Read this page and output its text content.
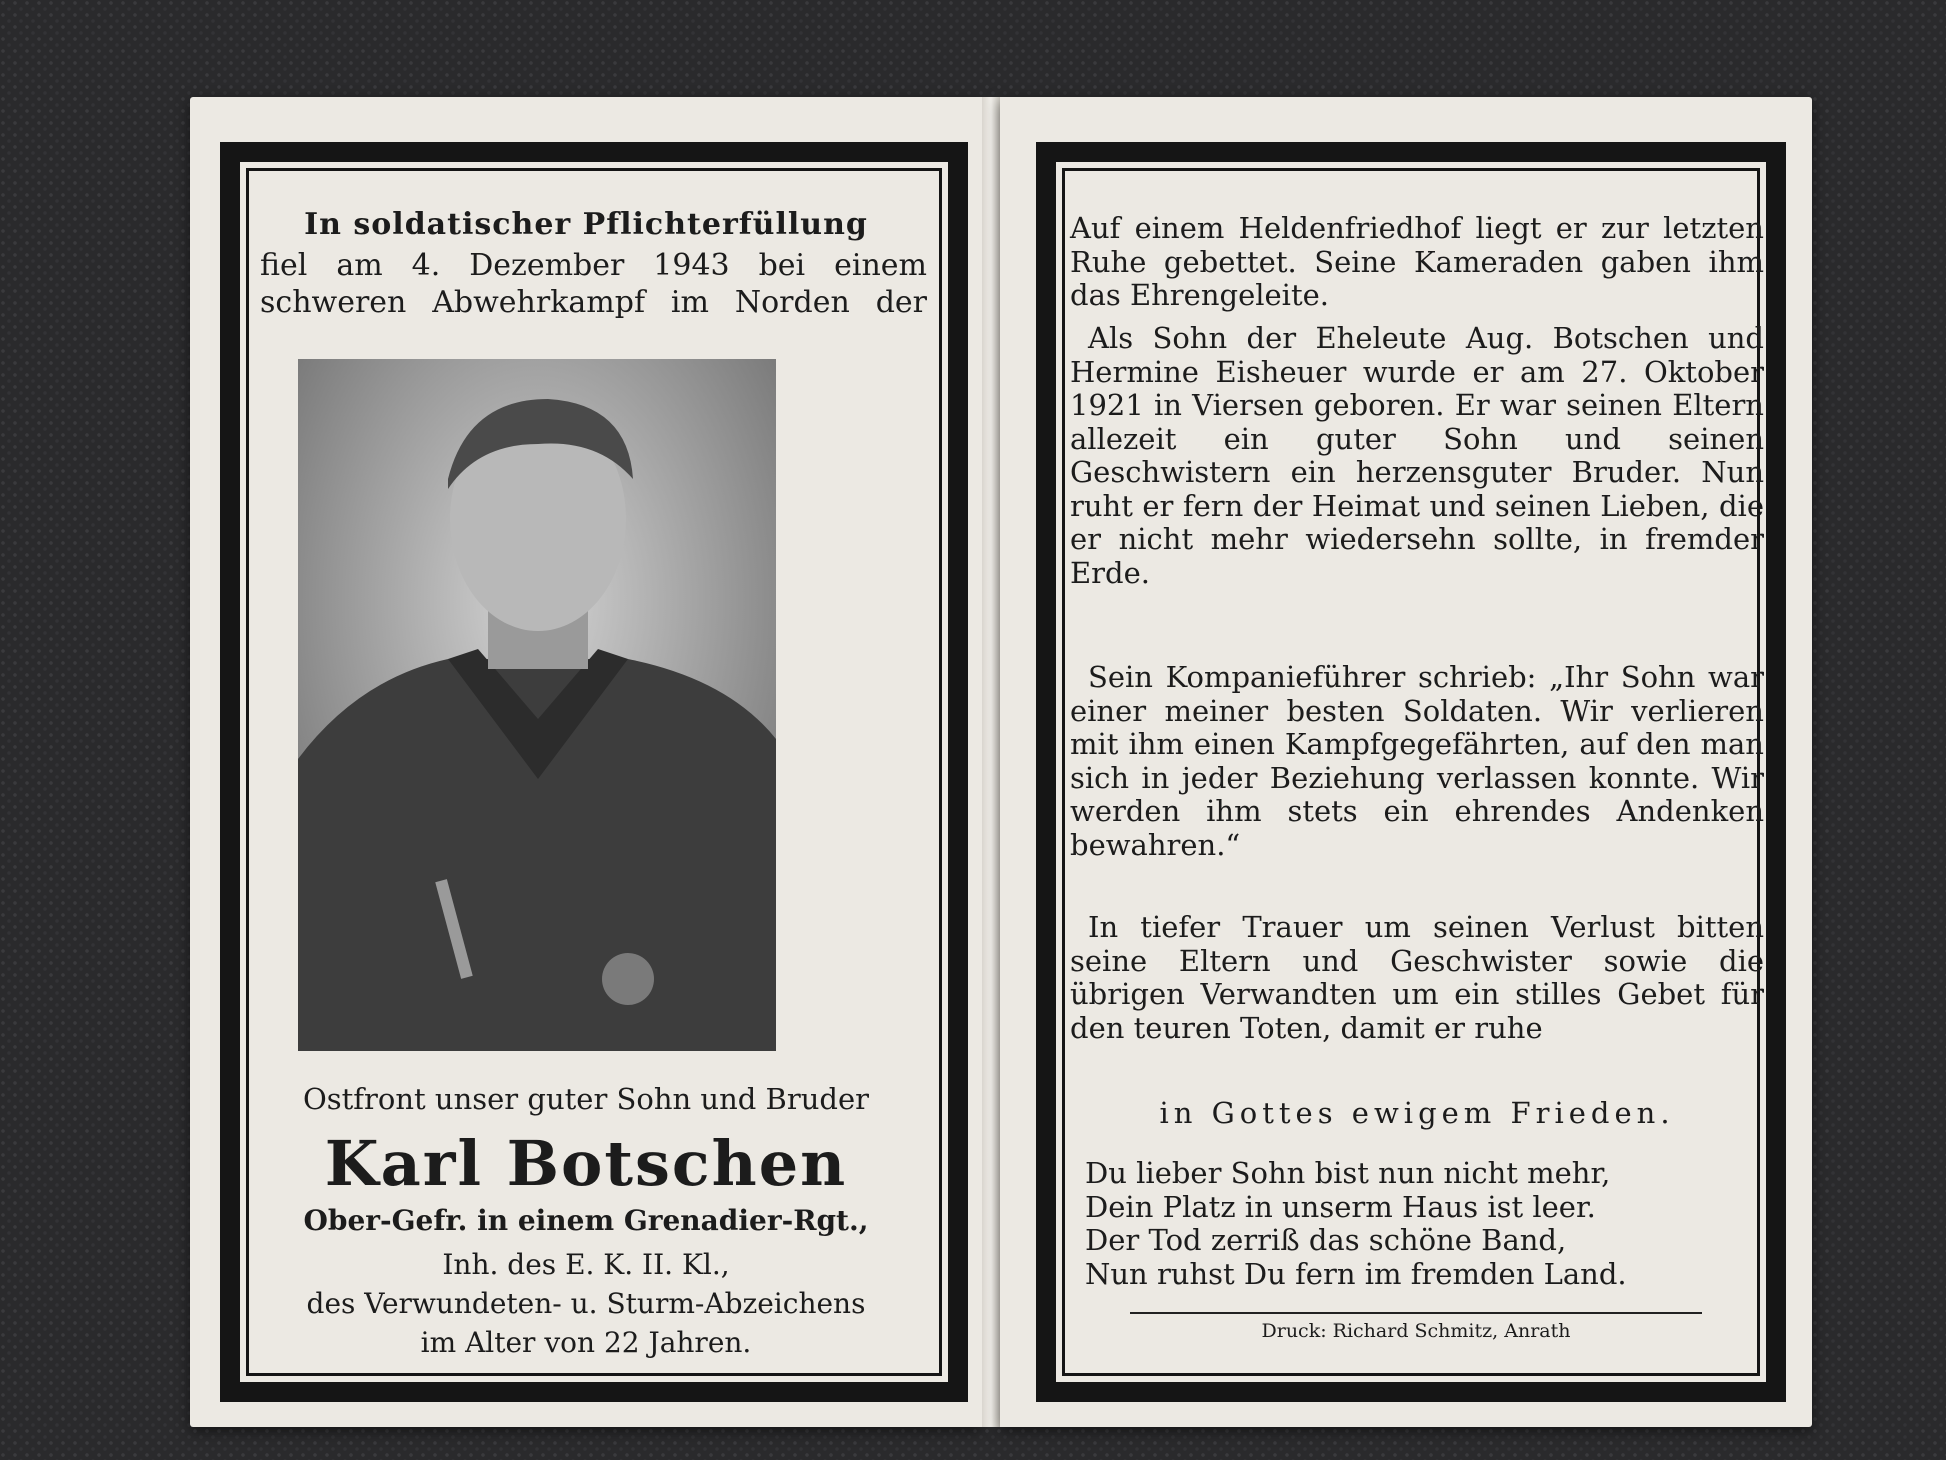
In soldatischer Pflichterfüllung
fiel am 4. Dezember 1943 bei einem
schweren Abwehrkampf im Norden der
Ostfront unser guter Sohn und Bruder
Karl Botschen
Ober-Gefr. in einem Grenadier-Rgt.,
Inh. des E. K. II. Kl.,
des Verwundeten- u. Sturm-Abzeichens
im Alter von 22 Jahren.
Auf einem Heldenfriedhof liegt er zur letzten Ruhe gebettet. Seine Kameraden gaben ihm das Ehrengeleite.
Als Sohn der Eheleute Aug. Botschen und Hermine Eisheuer wurde er am 27. Oktober 1921 in Viersen geboren. Er war seinen Eltern allezeit ein guter Sohn und seinen Geschwistern ein herzensguter Bruder. Nun ruht er fern der Heimat und seinen Lieben, die er nicht mehr wiedersehn sollte, in fremder Erde.
Sein Kompanieführer schrieb: „Ihr Sohn war einer meiner besten Soldaten. Wir verlieren mit ihm einen Kampfgegefährten, auf den man sich in jeder Beziehung verlassen konnte. Wir werden ihm stets ein ehrendes Andenken bewahren.“
In tiefer Trauer um seinen Verlust bitten seine Eltern und Geschwister sowie die übrigen Verwandten um ein stilles Gebet für den teuren Toten, damit er ruhe
in Gottes ewigem Frieden.
Du lieber Sohn bist nun nicht mehr,
Dein Platz in unserm Haus ist leer.
Der Tod zerriß das schöne Band,
Nun ruhst Du fern im fremden Land.
Druck: Richard Schmitz, Anrath
